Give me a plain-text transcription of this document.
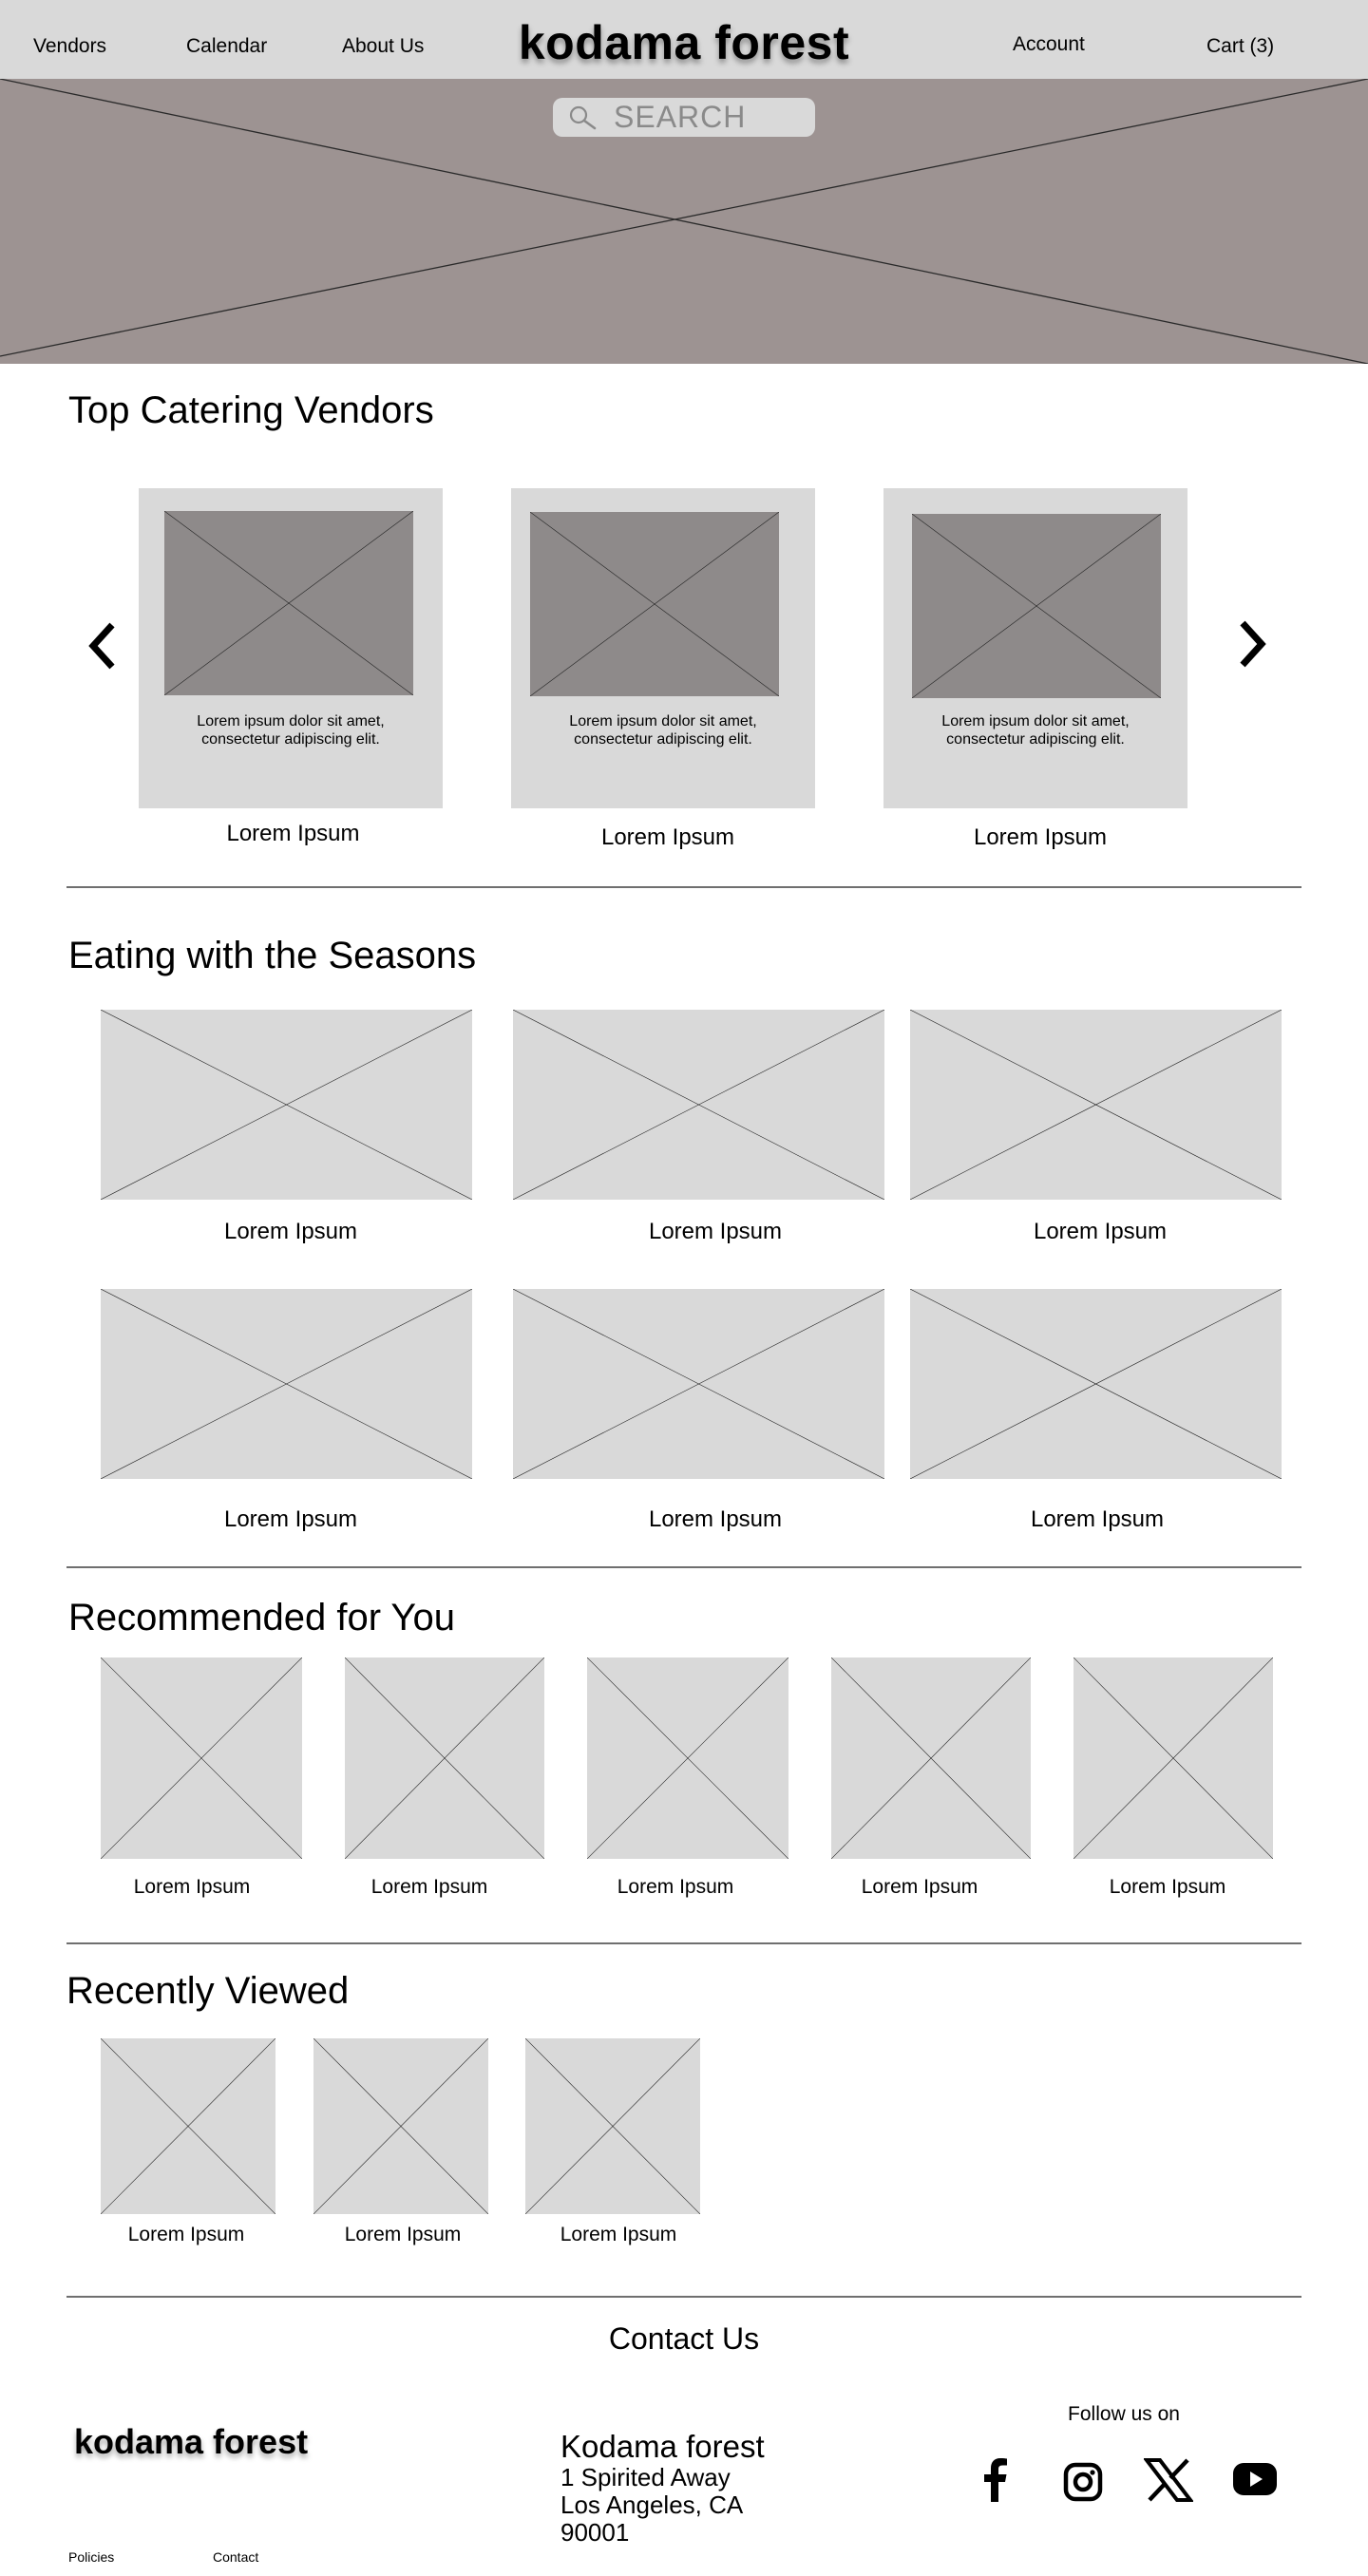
Vendors	Calendar	About Us	kodama forest	Account	Cart (3)
SEARCH
Top Catering Vendors
Lorem ipsum dolor sit amet,
consectetur adipiscing elit.
Lorem Ipsum
Lorem ipsum dolor sit amet,
consectetur adipiscing elit.
Lorem Ipsum
Lorem ipsum dolor sit amet,
consectetur adipiscing elit.
Lorem Ipsum
Eating with the Seasons
Lorem Ipsum	Lorem Ipsum	Lorem Ipsum
Lorem Ipsum	Lorem Ipsum	Lorem Ipsum
Recommended for You
Lorem Ipsum	Lorem Ipsum	Lorem Ipsum	Lorem Ipsum	Lorem Ipsum
Recently Viewed
Lorem Ipsum	Lorem Ipsum	Lorem Ipsum
Contact Us
kodama forest	Kodama forest
1 Spirited Away
Los Angeles, CA
90001
Follow us on
Policies	Contact
